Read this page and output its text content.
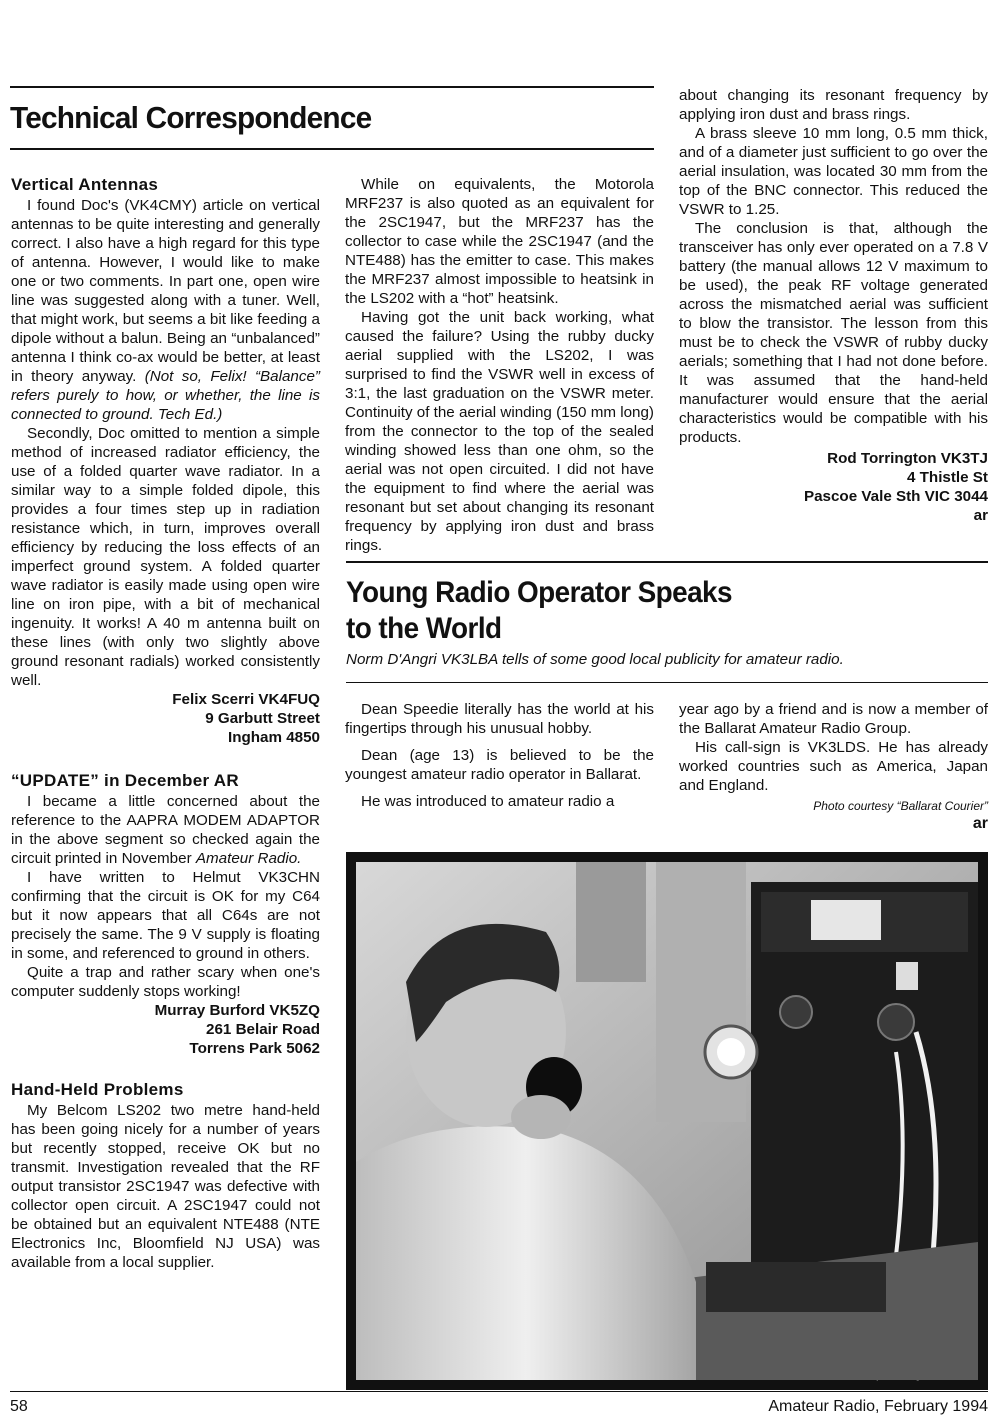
Technical Correspondence
Vertical Antennas

I found Doc's (VK4CMY) article on vertical antennas to be quite interesting and generally correct. I also have a high regard for this type of antenna. However, I would like to make one or two comments. In part one, open wire line was suggested along with a tuner. Well, that might work, but seems a bit like feeding a dipole without a balun. Being an “unbalanced” antenna I think co-ax would be better, at least in theory anyway. (Not so, Felix! “Balance” refers purely to how, or whether, the line is connected to ground. Tech Ed.)

Secondly, Doc omitted to mention a simple method of increased radiator efficiency, the use of a folded quarter wave radiator. In a similar way to a simple folded dipole, this provides a four times step up in radiation resistance which, in turn, improves overall efficiency by reducing the loss effects of an imperfect ground system. A folded quarter wave radiator is easily made using open wire line on iron pipe, with a bit of mechanical ingenuity. It works! A 40 m antenna built on these lines (with only two slightly above ground resonant radials) worked consistently well.

Felix Scerri VK4FUQ
9 Garbutt Street
Ingham 4850
“UPDATE” in December AR

I became a little concerned about the reference to the AAPRA MODEM ADAPTOR in the above segment so checked again the circuit printed in November Amateur Radio.

I have written to Helmut VK3CHN confirming that the circuit is OK for my C64 but it now appears that all C64s are not precisely the same. The 9 V supply is floating in some, and referenced to ground in others.

Quite a trap and rather scary when one's computer suddenly stops working!

Murray Burford VK5ZQ
261 Belair Road
Torrens Park 5062
Hand-Held Problems

My Belcom LS202 two metre hand-held has been going nicely for a number of years but recently stopped, receive OK but no transmit. Investigation revealed that the RF output transistor 2SC1947 was defective with collector open circuit. A 2SC1947 could not be obtained but an equivalent NTE488 (NTE Electronics Inc, Bloomfield NJ USA) was available from a local supplier.

While on equivalents, the Motorola MRF237 is also quoted as an equivalent for the 2SC1947, but the MRF237 has the collector to case while the 2SC1947 (and the NTE488) has the emitter to case. This makes the MRF237 almost impossible to heatsink in the LS202 with a “hot” heatsink.

Having got the unit back working, what caused the failure? Using the rubby ducky aerial supplied with the LS202, I was surprised to find the VSWR well in excess of 3:1, the last graduation on the VSWR meter. Continuity of the aerial winding (150 mm long) from the connector to the top of the sealed winding showed less than one ohm, so the aerial was not open circuited. I did not have the equipment to find where the aerial was resonant but set about changing its resonant frequency by applying iron dust and brass rings.

about changing its resonant frequency by applying iron dust and brass rings.

A brass sleeve 10 mm long, 0.5 mm thick, and of a diameter just sufficient to go over the aerial insulation, was located 30 mm from the top of the BNC connector. This reduced the VSWR to 1.25.

The conclusion is that, although the transceiver has only ever operated on a 7.8 V battery (the manual allows 12 V maximum to be used), the peak RF voltage generated across the mismatched aerial was sufficient to blow the transistor. The lesson from this must be to check the VSWR of rubby ducky aerials; something that I had not done before. It was assumed that the hand-held manufacturer would ensure that the aerial characteristics would be compatible with his products.

Rod Torrington VK3TJ
4 Thistle St
Pascoe Vale Sth VIC 3044
ar
Young Radio Operator Speaks
to the World
Norm D'Angri VK3LBA tells of some good local publicity for amateur radio.

Dean Speedie literally has the world at his fingertips through his unusual hobby.

Dean (age 13) is believed to be the youngest amateur radio operator in Ballarat.

He was introduced to amateur radio a

year ago by a friend and is now a member of the Ballarat Amateur Radio Group.

His call-sign is VK3LDS. He has already worked countries such as America, Japan and England.

Photo courtesy “Ballarat Courier”
ar
58	Amateur Radio, February 1994
